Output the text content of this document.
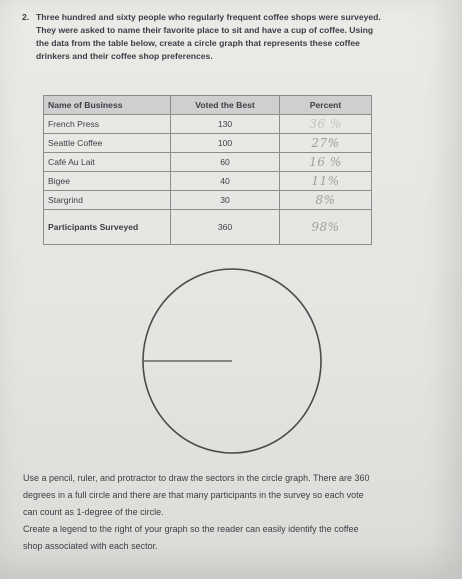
2. Three hundred and sixty people who regularly frequent coffee shops were surveyed.
They were asked to name their favorite place to sit and have a cup of coffee. Using
the data from the table below, create a circle graph that represents these coffee
drinkers and their coffee shop preferences.
Name of Business	Voted the Best	Percent
French Press	130	36 %
Seattle Coffee	100	27%
Café Au Lait	60	16 %
Bigee	40	11%
Stargrind	30	8%
Participants Surveyed	360	98%
Use a pencil, ruler, and protractor to draw the sectors in the circle graph. There are 360
degrees in a full circle and there are that many participants in the survey so each vote
can count as 1-degree of the circle.
Create a legend to the right of your graph so the reader can easily identify the coffee
shop associated with each sector.
